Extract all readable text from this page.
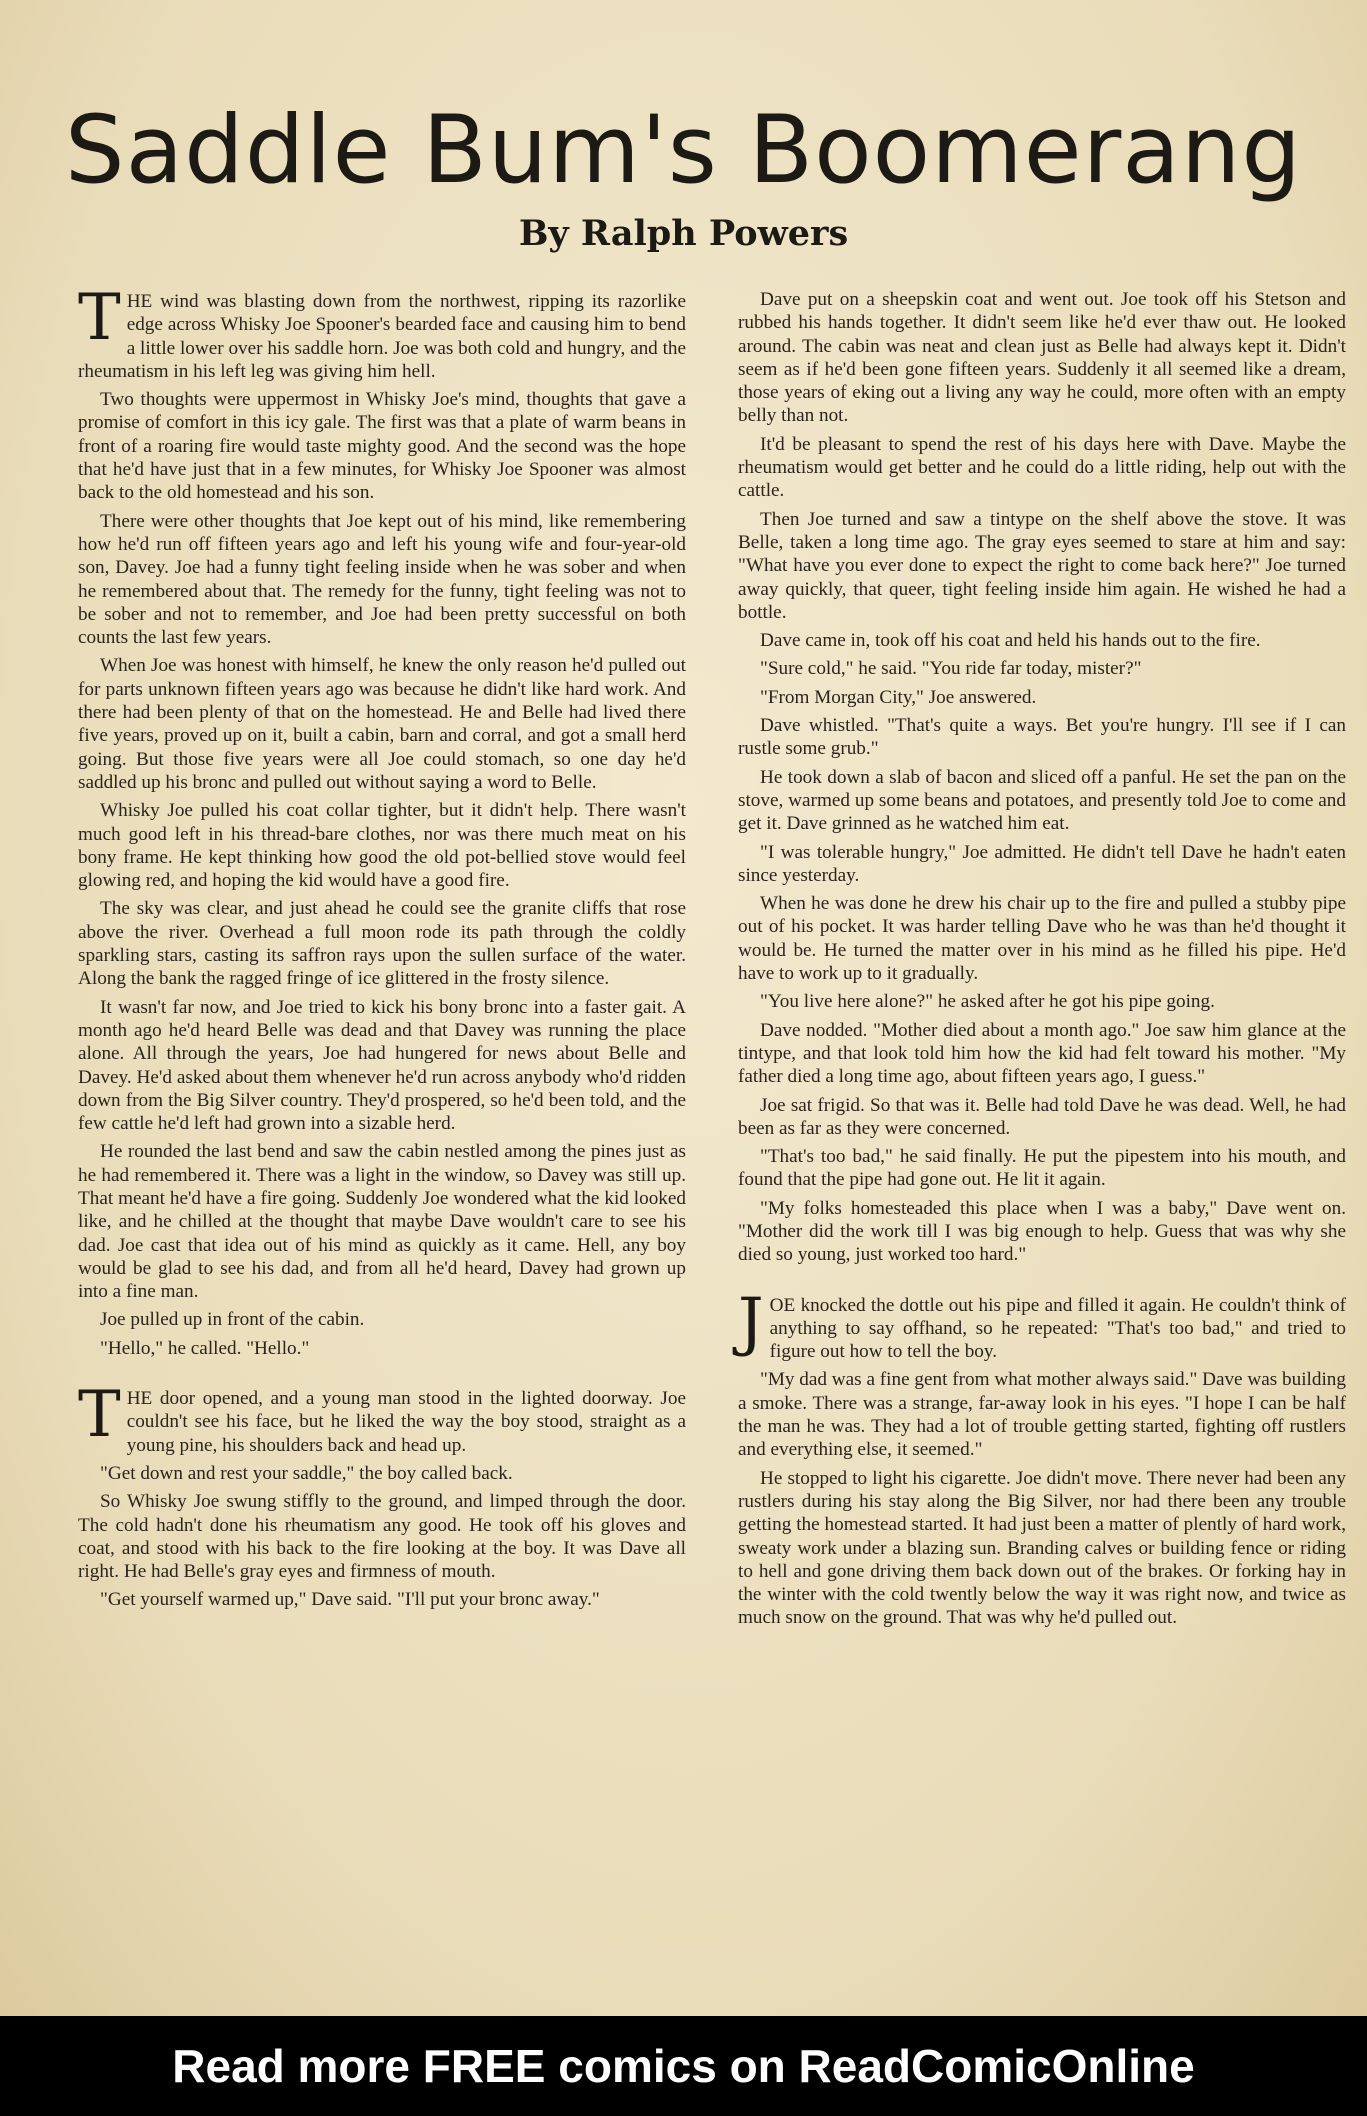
Saddle Bum's Boomerang
By Ralph Powers

THE wind was blasting down from the northwest, ripping its razorlike edge across Whisky Joe Spooner's bearded face and causing him to bend a little lower over his saddle horn. Joe was both cold and hungry, and the rheumatism in his left leg was giving him hell.

Two thoughts were uppermost in Whisky Joe's mind, thoughts that gave a promise of comfort in this icy gale. The first was that a plate of warm beans in front of a roaring fire would taste mighty good. And the second was the hope that he'd have just that in a few minutes, for Whisky Joe Spooner was almost back to the old homestead and his son.

There were other thoughts that Joe kept out of his mind, like remembering how he'd run off fifteen years ago and left his young wife and four-year-old son, Davey. Joe had a funny tight feeling inside when he was sober and when he remembered about that. The remedy for the funny, tight feeling was not to be sober and not to remember, and Joe had been pretty successful on both counts the last few years.

When Joe was honest with himself, he knew the only reason he'd pulled out for parts unknown fifteen years ago was because he didn't like hard work. And there had been plenty of that on the homestead. He and Belle had lived there five years, proved up on it, built a cabin, barn and corral, and got a small herd going. But those five years were all Joe could stomach, so one day he'd saddled up his bronc and pulled out without saying a word to Belle.

Whisky Joe pulled his coat collar tighter, but it didn't help. There wasn't much good left in his thread-bare clothes, nor was there much meat on his bony frame. He kept thinking how good the old pot-bellied stove would feel glowing red, and hoping the kid would have a good fire.

The sky was clear, and just ahead he could see the granite cliffs that rose above the river. Overhead a full moon rode its path through the coldly sparkling stars, casting its saffron rays upon the sullen surface of the water. Along the bank the ragged fringe of ice glittered in the frosty silence.

It wasn't far now, and Joe tried to kick his bony bronc into a faster gait. A month ago he'd heard Belle was dead and that Davey was running the place alone. All through the years, Joe had hungered for news about Belle and Davey. He'd asked about them whenever he'd run across anybody who'd ridden down from the Big Silver country. They'd prospered, so he'd been told, and the few cattle he'd left had grown into a sizable herd.

He rounded the last bend and saw the cabin nestled among the pines just as he had remembered it. There was a light in the window, so Davey was still up. That meant he'd have a fire going. Suddenly Joe wondered what the kid looked like, and he chilled at the thought that maybe Dave wouldn't care to see his dad. Joe cast that idea out of his mind as quickly as it came. Hell, any boy would be glad to see his dad, and from all he'd heard, Davey had grown up into a fine man.

Joe pulled up in front of the cabin.

"Hello," he called. "Hello."

THE door opened, and a young man stood in the lighted doorway. Joe couldn't see his face, but he liked the way the boy stood, straight as a young pine, his shoulders back and head up.

"Get down and rest your saddle," the boy called back.

So Whisky Joe swung stiffly to the ground, and limped through the door. The cold hadn't done his rheumatism any good. He took off his gloves and coat, and stood with his back to the fire looking at the boy. It was Dave all right. He had Belle's gray eyes and firmness of mouth.

"Get yourself warmed up," Dave said. "I'll put your bronc away."

Dave put on a sheepskin coat and went out. Joe took off his Stetson and rubbed his hands together. It didn't seem like he'd ever thaw out. He looked around. The cabin was neat and clean just as Belle had always kept it. Didn't seem as if he'd been gone fifteen years. Suddenly it all seemed like a dream, those years of eking out a living any way he could, more often with an empty belly than not.

It'd be pleasant to spend the rest of his days here with Dave. Maybe the rheumatism would get better and he could do a little riding, help out with the cattle.

Then Joe turned and saw a tintype on the shelf above the stove. It was Belle, taken a long time ago. The gray eyes seemed to stare at him and say: "What have you ever done to expect the right to come back here?" Joe turned away quickly, that queer, tight feeling inside him again. He wished he had a bottle.

Dave came in, took off his coat and held his hands out to the fire.

"Sure cold," he said. "You ride far today, mister?"

"From Morgan City," Joe answered.

Dave whistled. "That's quite a ways. Bet you're hungry. I'll see if I can rustle some grub."

He took down a slab of bacon and sliced off a panful. He set the pan on the stove, warmed up some beans and potatoes, and presently told Joe to come and get it. Dave grinned as he watched him eat.

"I was tolerable hungry," Joe admitted. He didn't tell Dave he hadn't eaten since yesterday.

When he was done he drew his chair up to the fire and pulled a stubby pipe out of his pocket. It was harder telling Dave who he was than he'd thought it would be. He turned the matter over in his mind as he filled his pipe. He'd have to work up to it gradually.

"You live here alone?" he asked after he got his pipe going.

Dave nodded. "Mother died about a month ago." Joe saw him glance at the tintype, and that look told him how the kid had felt toward his mother. "My father died a long time ago, about fifteen years ago, I guess."

Joe sat frigid. So that was it. Belle had told Dave he was dead. Well, he had been as far as they were concerned.

"That's too bad," he said finally. He put the pipestem into his mouth, and found that the pipe had gone out. He lit it again.

"My folks homesteaded this place when I was a baby," Dave went on. "Mother did the work till I was big enough to help. Guess that was why she died so young, just worked too hard."

JOE knocked the dottle out his pipe and filled it again. He couldn't think of anything to say offhand, so he repeated: "That's too bad," and tried to figure out how to tell the boy.

"My dad was a fine gent from what mother always said." Dave was building a smoke. There was a strange, far-away look in his eyes. "I hope I can be half the man he was. They had a lot of trouble getting started, fighting off rustlers and everything else, it seemed."

He stopped to light his cigarette. Joe didn't move. There never had been any rustlers during his stay along the Big Silver, nor had there been any trouble getting the homestead started. It had just been a matter of plently of hard work, sweaty work under a blazing sun. Branding calves or building fence or riding to hell and gone driving them back down out of the brakes. Or forking hay in the winter with the cold twently below the way it was right now, and twice as much snow on the ground. That was why he'd pulled out.

Read more FREE comics on ReadComicOnline
